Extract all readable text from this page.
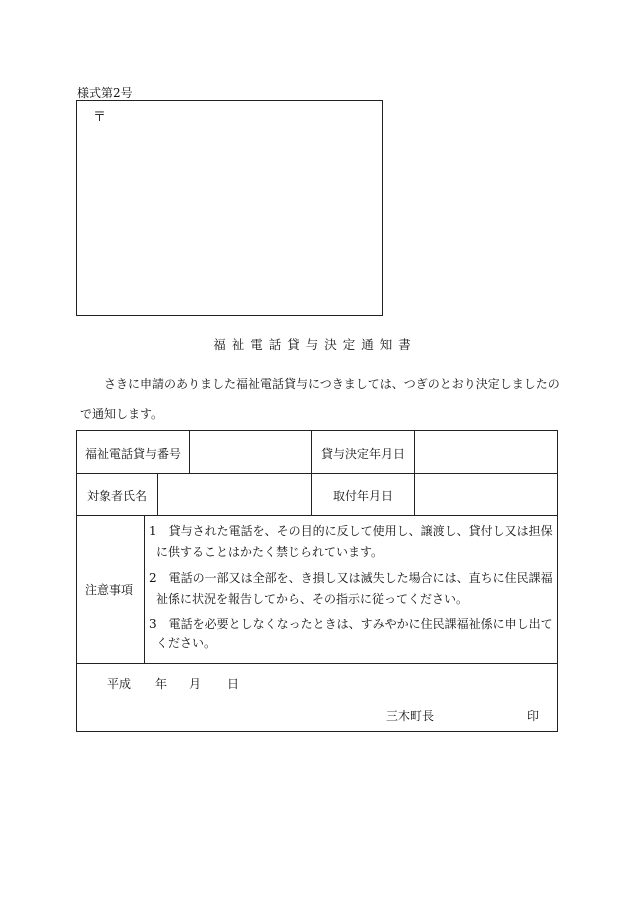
様式第2号
〒
福祉電話貸与決定通知書
さきに申請のありました福祉電話貸与につきましては、つぎのとおり決定しましたの
で通知します。
福祉電話貸与番号	貸与決定年月日
対象者氏名	取付年月日
注意事項
1　貸与された電話を、その目的に反して使用し、譲渡し、貸付し又は担保
に供することはかたく禁じられています。
2　電話の一部又は全部を、き損し又は滅失した場合には、直ちに住民課福
祉係に状況を報告してから、その指示に従ってください。
3　電話を必要としなくなったときは、すみやかに住民課福祉係に申し出て
ください。
平成 年 月 日
三木町長	印
